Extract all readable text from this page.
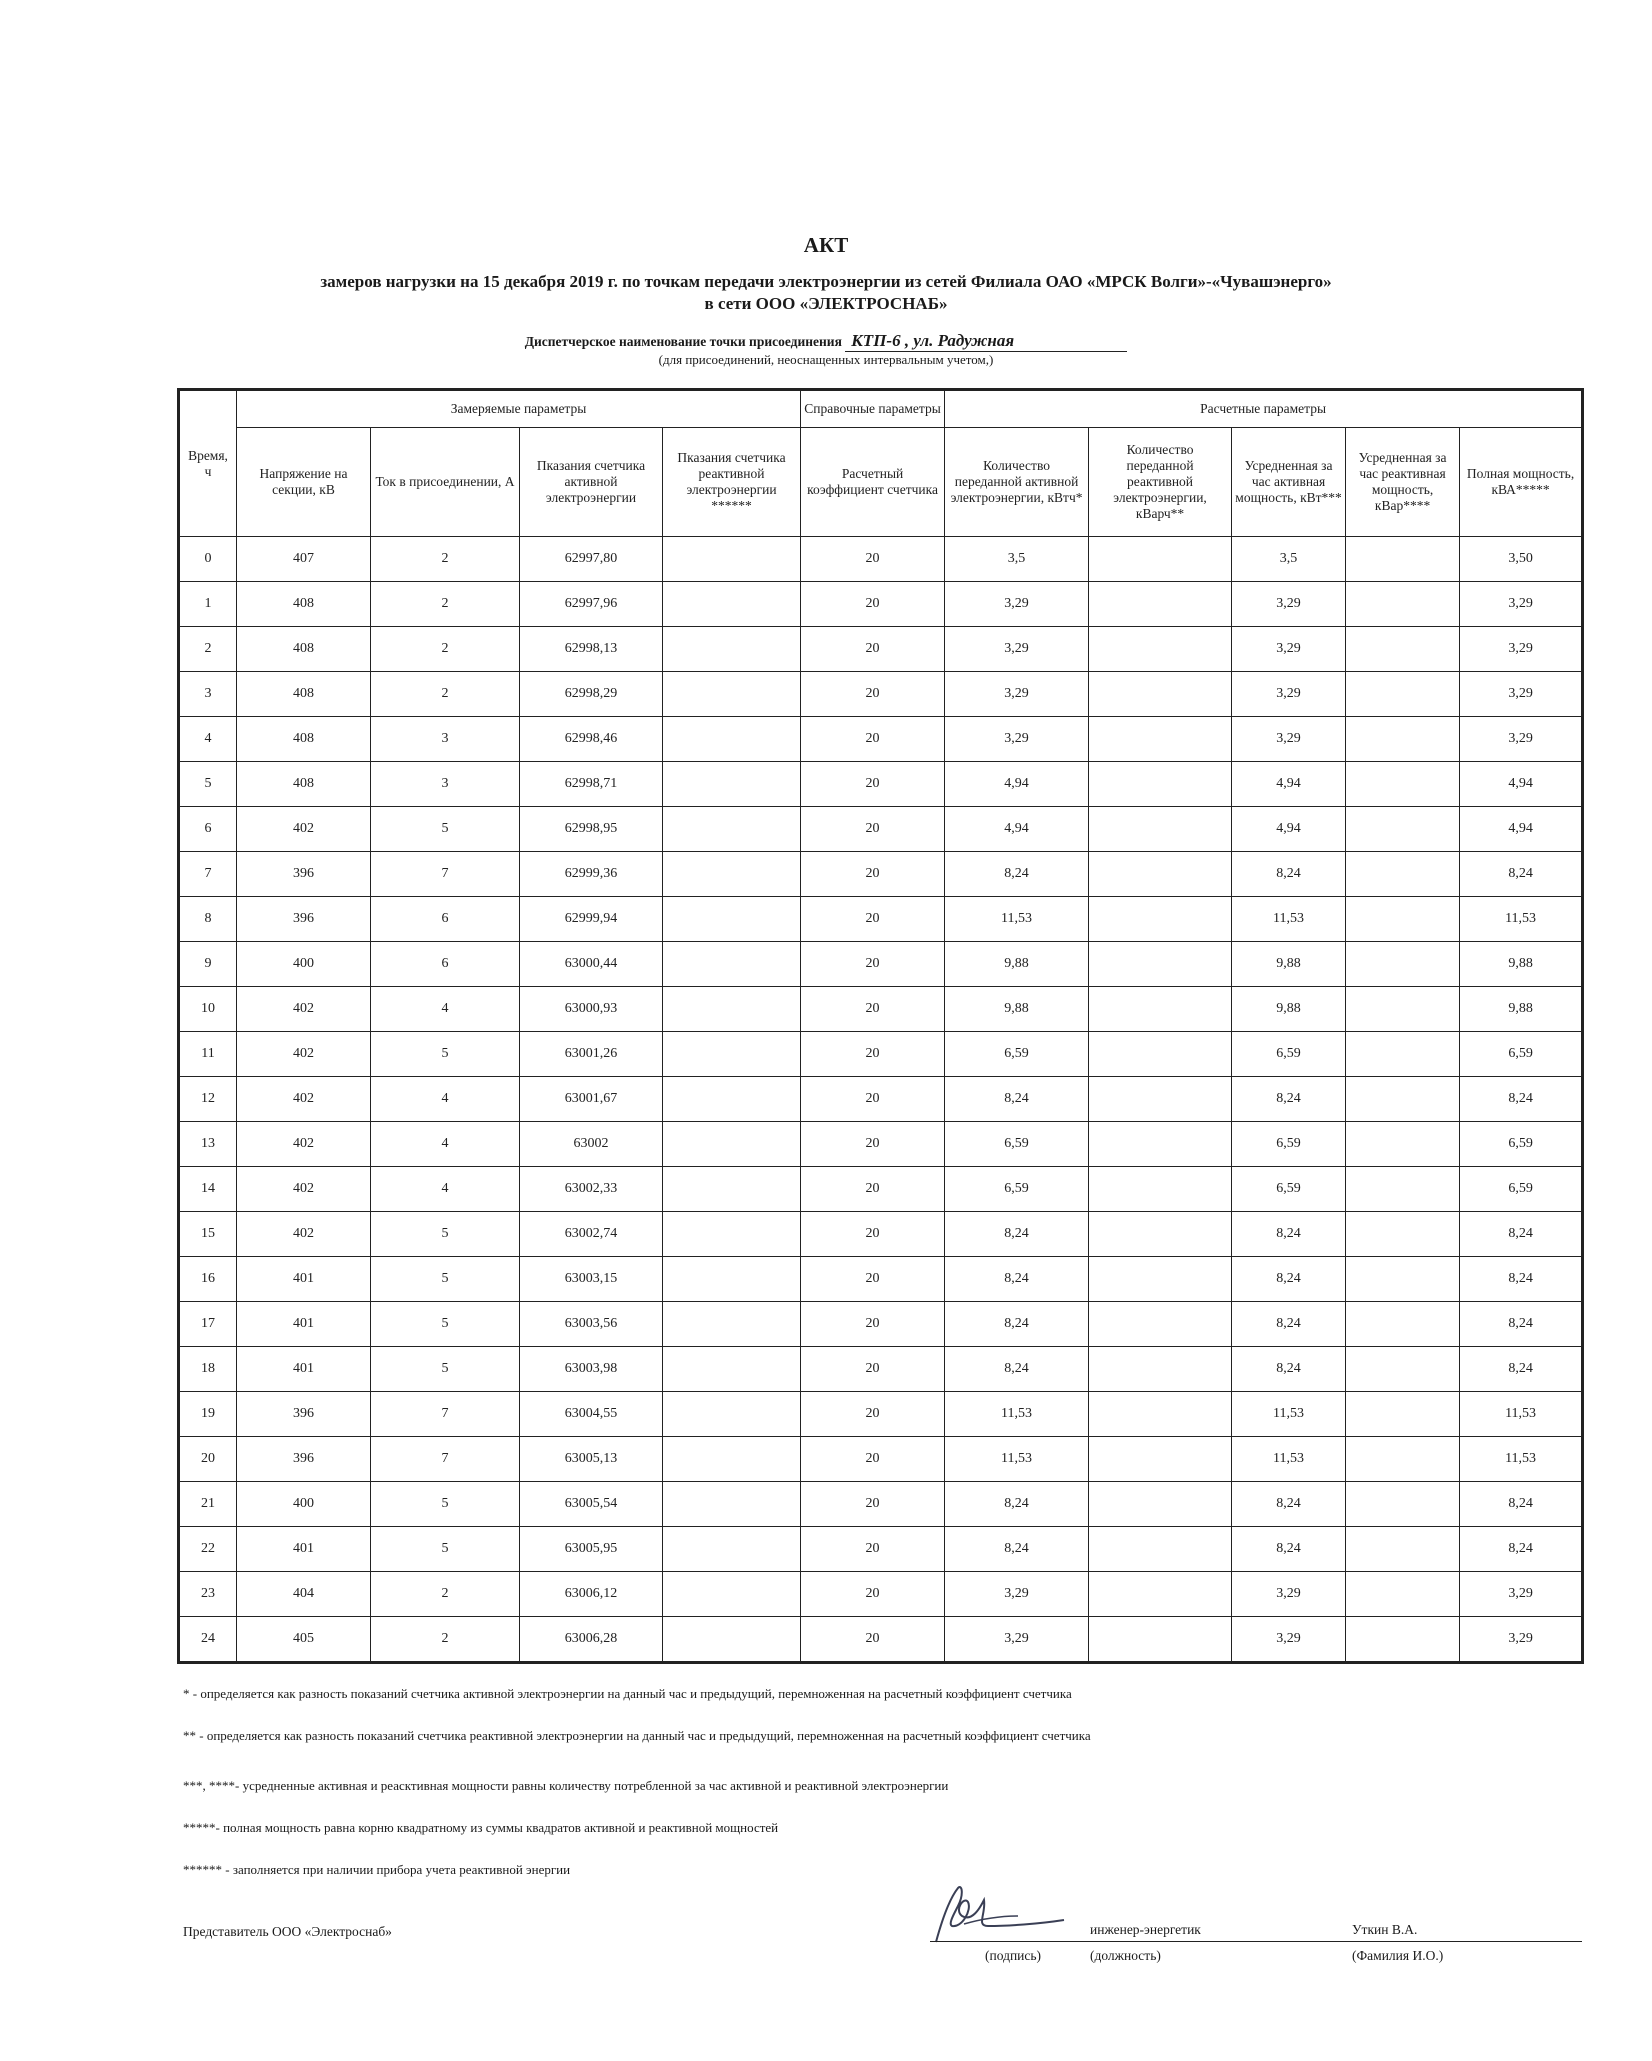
АКТ
замеров нагрузки на 15 декабря 2019 г. по точкам передачи электроэнергии из сетей Филиала ОАО «МРСК Волги»-«Чувашэнерго»
в сети ООО «ЭЛЕКТРОСНАБ»
Диспетчерское наименование точки присоединения КТП-6 , ул. Радужная
(для присоединений, неоснащенных интервальным учетом,)
Время, ч	Замеряемые параметры				Справочные параметры	Расчетные параметры				
	Напряжение на секции, кВ	Ток в присоединении, А	Пказания счетчика активной электроэнергии	Пказания счетчика реактивной электроэнергии ******	Расчетный коэффициент счетчика	Количество переданной активной электроэнергии, кВтч*	Количество переданной реактивной электроэнергии, кВарч**	Усредненная за час активная мощность, кВт***	Усредненная за час реактивная мощность, кВар****	Полная мощность, кВА*****
0	407	2	62997,80		20	3,5		3,5		3,50
1	408	2	62997,96		20	3,29		3,29		3,29
2	408	2	62998,13		20	3,29		3,29		3,29
3	408	2	62998,29		20	3,29		3,29		3,29
4	408	3	62998,46		20	3,29		3,29		3,29
5	408	3	62998,71		20	4,94		4,94		4,94
6	402	5	62998,95		20	4,94		4,94		4,94
7	396	7	62999,36		20	8,24		8,24		8,24
8	396	6	62999,94		20	11,53		11,53		11,53
9	400	6	63000,44		20	9,88		9,88		9,88
10	402	4	63000,93		20	9,88		9,88		9,88
11	402	5	63001,26		20	6,59		6,59		6,59
12	402	4	63001,67		20	8,24		8,24		8,24
13	402	4	63002		20	6,59		6,59		6,59
14	402	4	63002,33		20	6,59		6,59		6,59
15	402	5	63002,74		20	8,24		8,24		8,24
16	401	5	63003,15		20	8,24		8,24		8,24
17	401	5	63003,56		20	8,24		8,24		8,24
18	401	5	63003,98		20	8,24		8,24		8,24
19	396	7	63004,55		20	11,53		11,53		11,53
20	396	7	63005,13		20	11,53		11,53		11,53
21	400	5	63005,54		20	8,24		8,24		8,24
22	401	5	63005,95		20	8,24		8,24		8,24
23	404	2	63006,12		20	3,29		3,29		3,29
24	405	2	63006,28		20	3,29		3,29		3,29
* - определяется как разность показаний счетчика активной электроэнергии на данный час и предыдущий, перемноженная на расчетный коэффициент счетчика
** - определяется как разность показаний счетчика реактивной электроэнергии на данный час и предыдущий, перемноженная на расчетный коэффициент счетчика
***, ****- усредненные активная и реасктивная мощности равны количеству потребленной за час активной и реактивной электроэнергии
*****- полная мощность равна корню квадратному из суммы квадратов активной и реактивной мощностей
****** - заполняется при наличии прибора учета реактивной энергии
Представитель ООО «Электроснаб»	инженер-энергетик	Уткин В.А.
(подпись)	(должность)	(Фамилия И.О.)
